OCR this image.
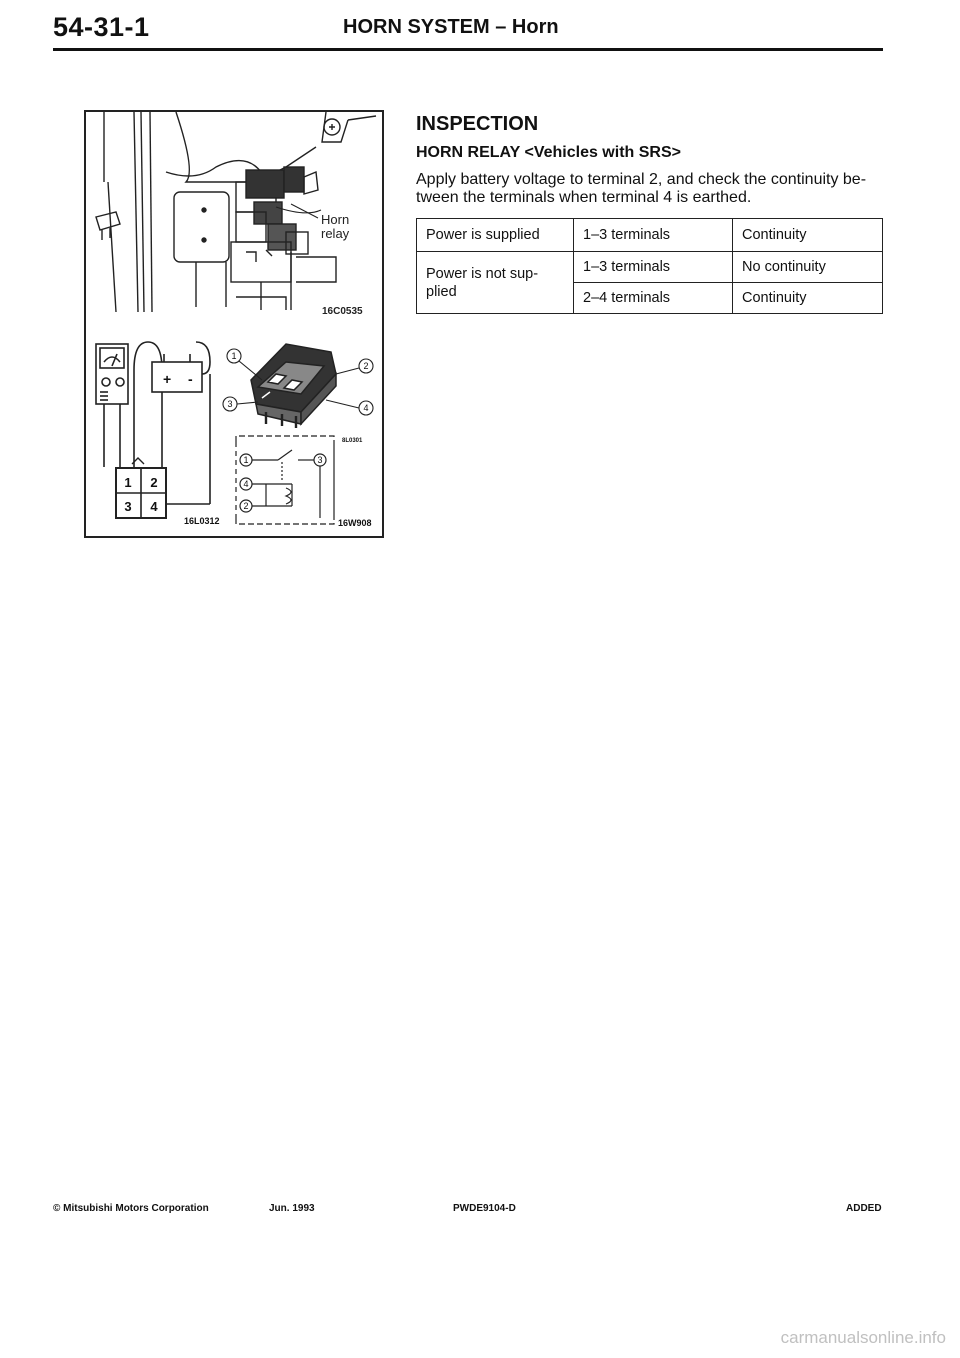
54-31-1	HORN SYSTEM – Horn
Horn
relay
16C0535
1 2
3 4
+ -
16L0312
1
2
3	4
8L0301
1	3
4
2
16W908
INSPECTION
HORN RELAY <Vehicles with SRS>
Apply battery voltage to terminal 2, and check the continuity be-
tween the terminals when terminal 4 is earthed.
Power is supplied	1–3 terminals	Continuity
Power is not sup-
plied	1–3 terminals	No continuity
	2–4 terminals	Continuity
© Mitsubishi Motors Corporation	Jun. 1993	PWDE9104-D	ADDED
carmanualsonline.info
